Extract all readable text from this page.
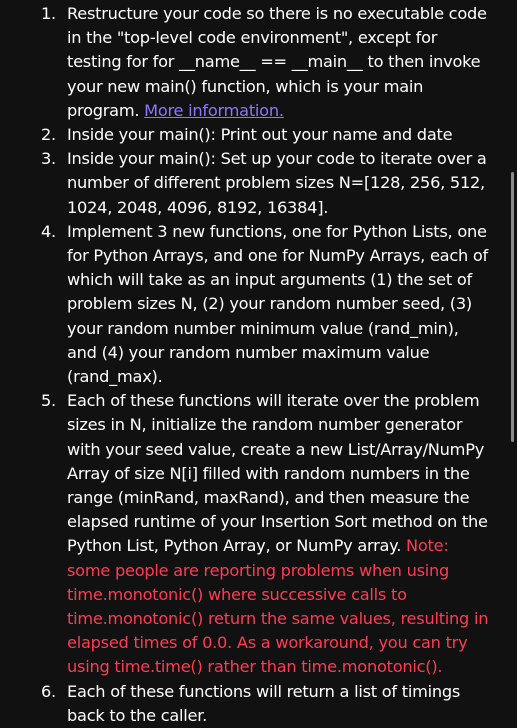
1. Restructure your code so there is no executable code in the "top-level code environment", except for testing for for __name__ == __main__ to then invoke your new main() function, which is your main program. More information.
2. Inside your main(): Print out your name and date
3. Inside your main(): Set up your code to iterate over a number of different problem sizes N=[128, 256, 512, 1024, 2048, 4096, 8192, 16384].
4. Implement 3 new functions, one for Python Lists, one for Python Arrays, and one for NumPy Arrays, each of which will take as an input arguments (1) the set of problem sizes N, (2) your random number seed, (3) your random number minimum value (rand_min), and (4) your random number maximum value (rand_max).
5. Each of these functions will iterate over the problem sizes in N, initialize the random number generator with your seed value, create a new List/Array/NumPy Array of size N[i] filled with random numbers in the range (minRand, maxRand), and then measure the elapsed runtime of your Insertion Sort method on the Python List, Python Array, or NumPy array. Note: some people are reporting problems when using time.monotonic() where successive calls to time.monotonic() return the same values, resulting in elapsed times of 0.0. As a workaround, you can try using time.time() rather than time.monotonic().
6. Each of these functions will return a list of timings back to the caller.
